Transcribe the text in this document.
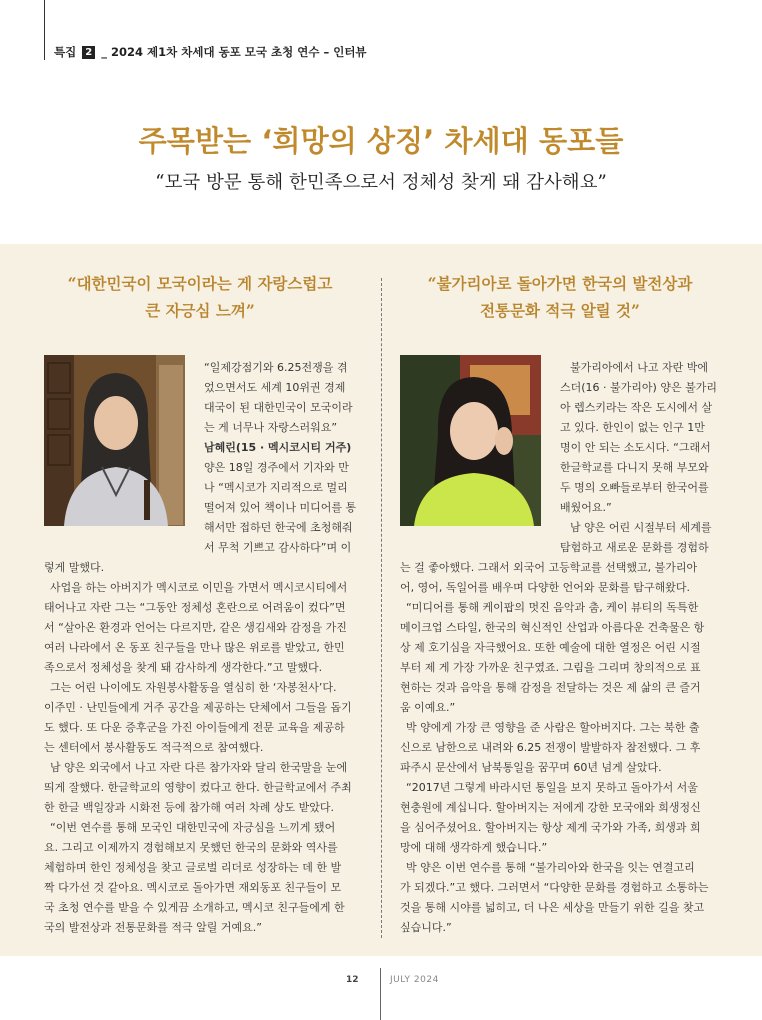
특집 2 _ 2024 제1차 차세대 동포 모국 초청 연수 – 인터뷰
주목받는 ‘희망의 상징’ 차세대 동포들
“모국 방문 통해 한민족으로서 정체성 찾게 돼 감사해요”
“대한민국이 모국이라는 게 자랑스럽고
큰 자긍심 느껴”
“불가리아로 돌아가면 한국의 발전상과
전통문화 적극 알릴 것”
“일제강점기와 6.25전쟁을 겪
었으면서도 세계 10위권 경제
대국이 된 대한민국이 모국이라
는 게 너무나 자랑스러워요”
남혜린(15 · 멕시코시티 거주)
양은 18일 경주에서 기자와 만
나 “멕시코가 지리적으로 멀리
떨어져 있어 책이나 미디어를 통
해서만 접하던 한국에 초청해줘
서 무척 기쁘고 감사하다”며 이
렇게 말했다.
사업을 하는 아버지가 멕시코로 이민을 가면서 멕시코시티에서
태어나고 자란 그는 “그동안 정체성 혼란으로 어려움이 컸다”면
서 “살아온 환경과 언어는 다르지만, 같은 생김새와 감정을 가진
여러 나라에서 온 동포 친구들을 만나 많은 위로를 받았고, 한민
족으로서 정체성을 찾게 돼 감사하게 생각한다.”고 말했다.
그는 어린 나이에도 자원봉사활동을 열심히 한 ‘자봉천사’다.
이주민 · 난민들에게 거주 공간을 제공하는 단체에서 그들을 돕기
도 했다. 또 다운 증후군을 가진 아이들에게 전문 교육을 제공하
는 센터에서 봉사활동도 적극적으로 참여했다.
남 양은 외국에서 나고 자란 다른 참가자와 달리 한국말을 눈에
띄게 잘했다. 한글학교의 영향이 컸다고 한다. 한글학교에서 주최
한 한글 백일장과 시화전 등에 참가해 여러 차례 상도 받았다.
“이번 연수를 통해 모국인 대한민국에 자긍심을 느끼게 됐어
요. 그리고 이제까지 경험해보지 못했던 한국의 문화와 역사를
체험하며 한인 정체성을 찾고 글로벌 리더로 성장하는 데 한 발
짝 다가선 것 같아요. 멕시코로 돌아가면 재외동포 친구들이 모
국 초청 연수를 받을 수 있게끔 소개하고, 멕시코 친구들에게 한
국의 발전상과 전통문화를 적극 알릴 거예요.”
불가리아에서 나고 자란 박에
스더(16 · 불가리아) 양은 불가리
아 렙스키라는 작은 도시에서 살
고 있다. 한인이 없는 인구 1만
명이 안 되는 소도시다. “그래서
한글학교를 다니지 못해 부모와
두 명의 오빠들로부터 한국어를
배웠어요.”
남 양은 어린 시절부터 세계를
탐험하고 새로운 문화를 경험하
는 걸 좋아했다. 그래서 외국어 고등학교를 선택했고, 불가리아
어, 영어, 독일어를 배우며 다양한 언어와 문화를 탐구해왔다.
“미디어를 통해 케이팝의 멋진 음악과 춤, 케이 뷰티의 독특한
메이크업 스타일, 한국의 혁신적인 산업과 아름다운 건축물은 항
상 제 호기심을 자극했어요. 또한 예술에 대한 열정은 어린 시절
부터 제 게 가장 가까운 친구였죠. 그림을 그리며 창의적으로 표
현하는 것과 음악을 통해 감정을 전달하는 것은 제 삶의 큰 즐거
움 이예요.”
박 양에게 가장 큰 영향을 준 사람은 할아버지다. 그는 북한 출
신으로 남한으로 내려와 6.25 전쟁이 발발하자 참전했다. 그 후
파주시 문산에서 남북통일을 꿈꾸며 60년 넘게 살았다.
“2017년 그렇게 바라시던 통일을 보지 못하고 돌아가서 서울
현충원에 계십니다. 할아버지는 저에게 강한 모국애와 희생정신
을 심어주셨어요. 할아버지는 항상 제게 국가와 가족, 희생과 희
망에 대해 생각하게 했습니다.”
박 양은 이번 연수를 통해 “불가리아와 한국을 잇는 연결고리
가 되겠다.”고 했다. 그러면서 “다양한 문화를 경험하고 소통하는
것을 통해 시야를 넓히고, 더 나은 세상을 만들기 위한 길을 찾고
싶습니다.”
12	JULY 2024
